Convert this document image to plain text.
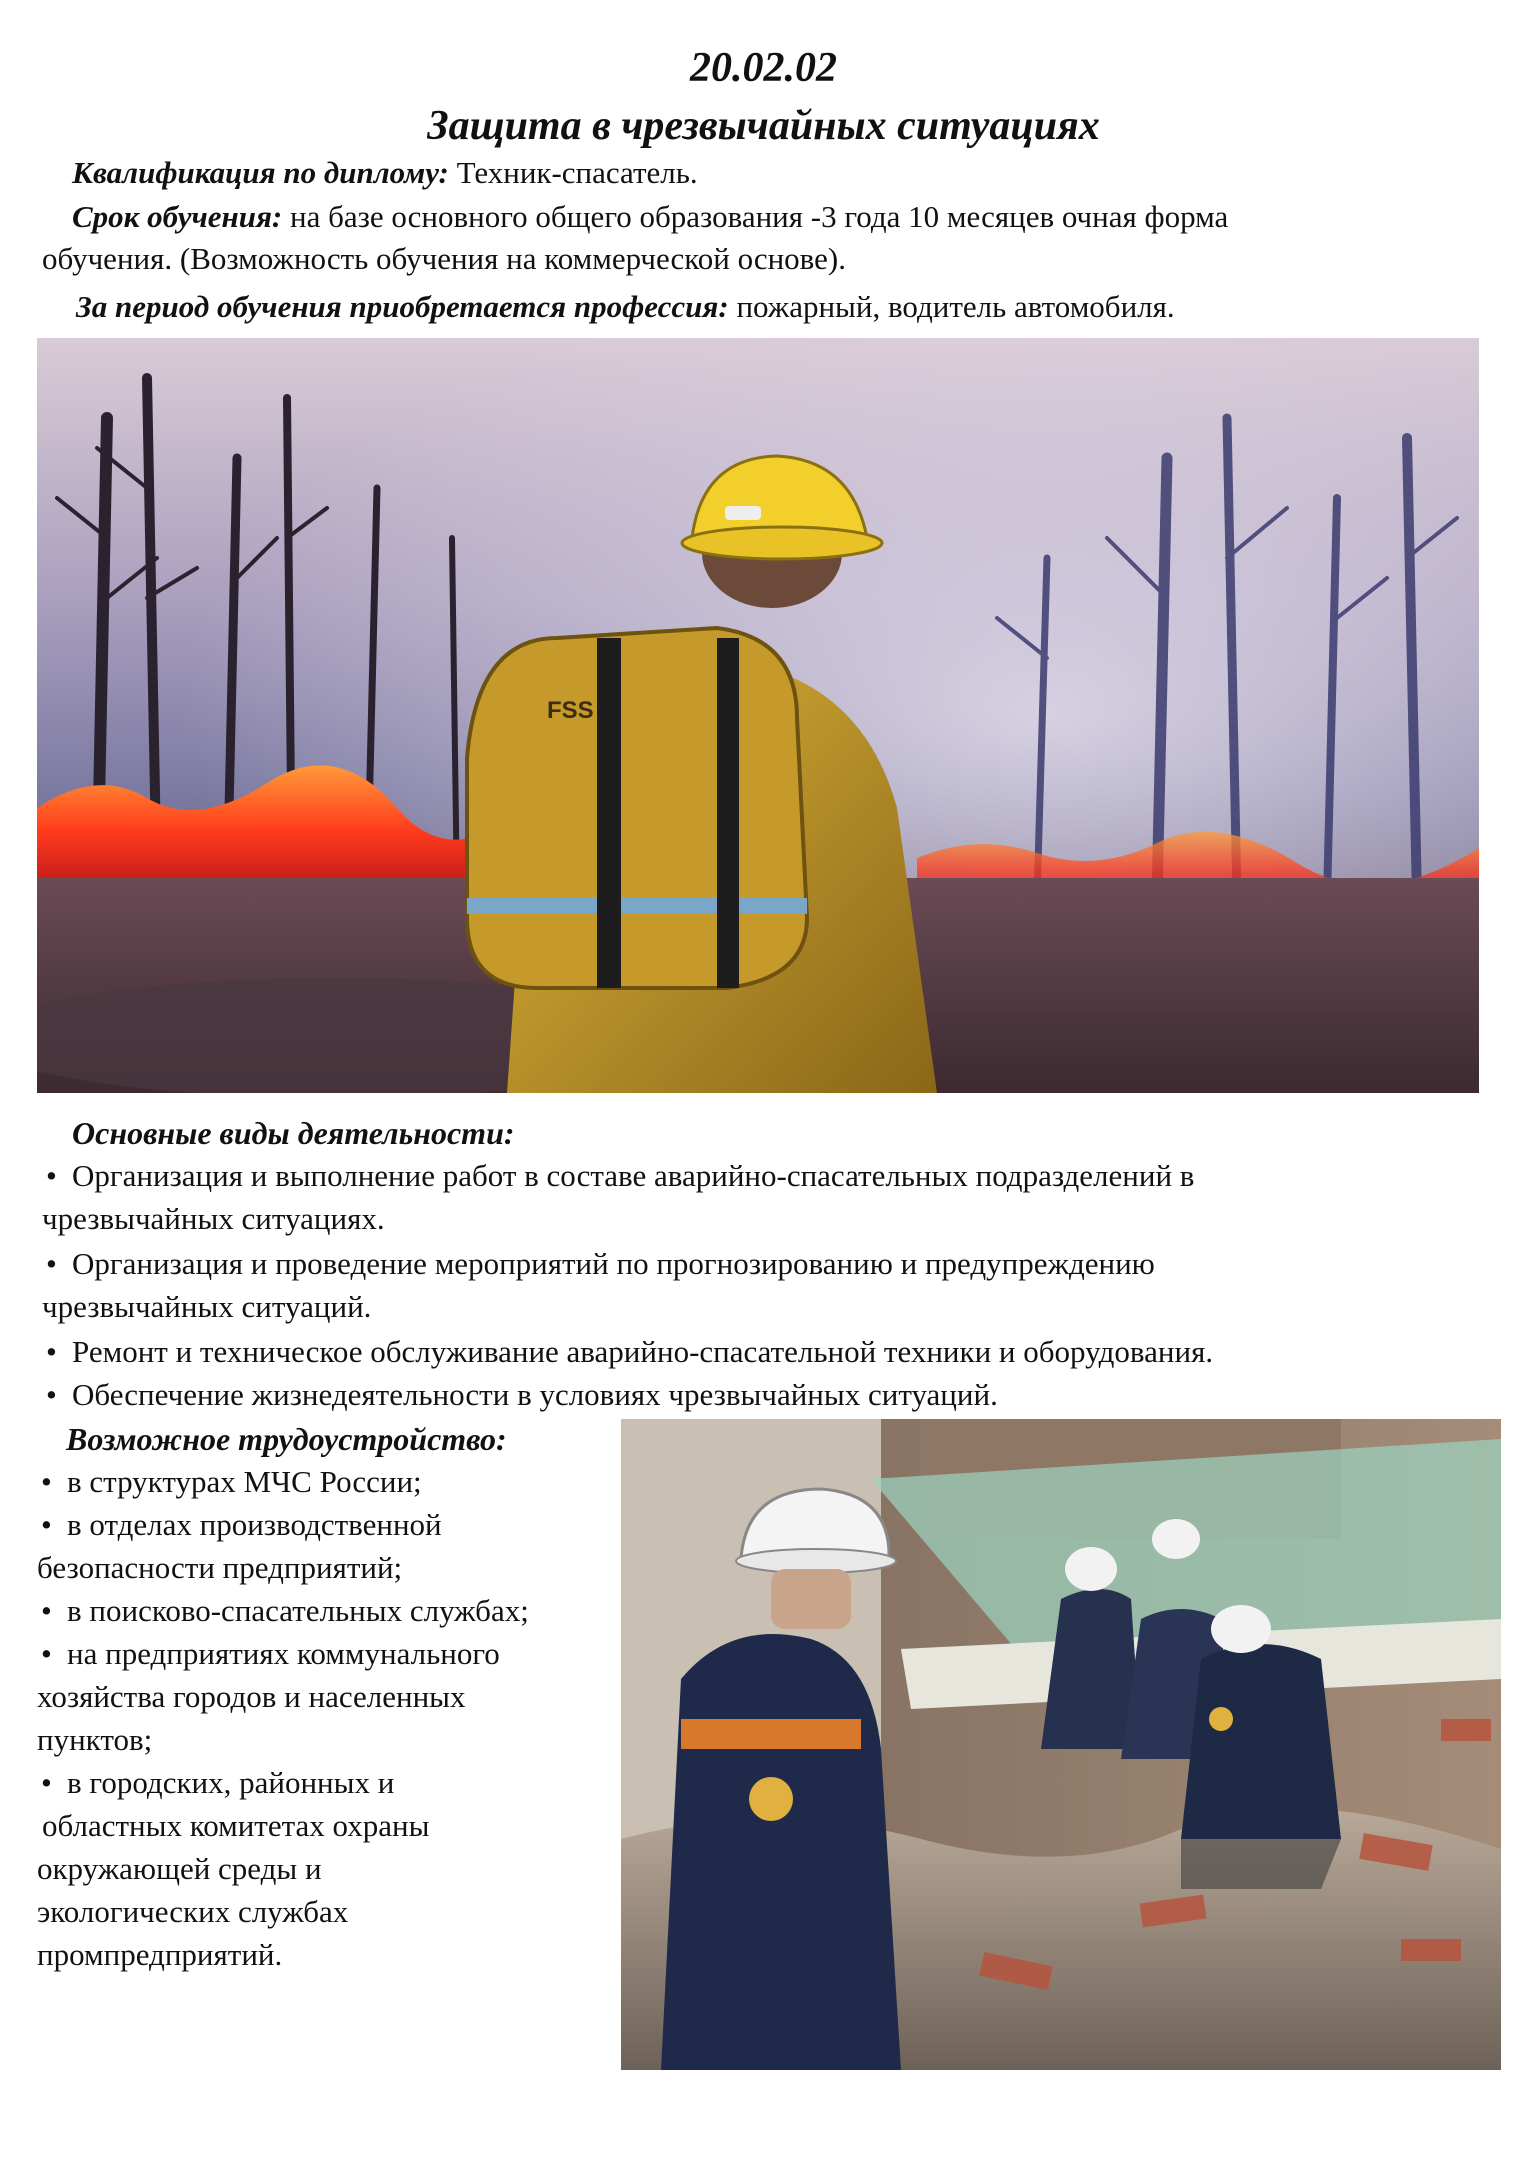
20.02.02
Защита в чрезвычайных ситуациях
Квалификация по диплому: Техник-спасатель.
Срок обучения: на базе основного общего образования -3 года 10 месяцев очная форма
обучения. (Возможность обучения на коммерческой основе).
За период обучения приобретается профессия: пожарный, водитель автомобиля.
FSS
Основные виды деятельности:
• Организация и выполнение работ в составе аварийно-спасательных подразделений в
чрезвычайных ситуациях.
• Организация и проведение мероприятий по прогнозированию и предупреждению
чрезвычайных ситуаций.
• Ремонт и техническое обслуживание аварийно-спасательной техники и оборудования.
• Обеспечение жизнедеятельности в условиях чрезвычайных ситуаций.
Возможное трудоустройство:
• в структурах МЧС России;
• в отделах производственной
безопасности предприятий;
• в поисково-спасательных службах;
• на предприятиях коммунального
хозяйства городов и населенных
пунктов;
• в городских, районных и
областных комитетах охраны
окружающей среды и
экологических службах
промпредприятий.
